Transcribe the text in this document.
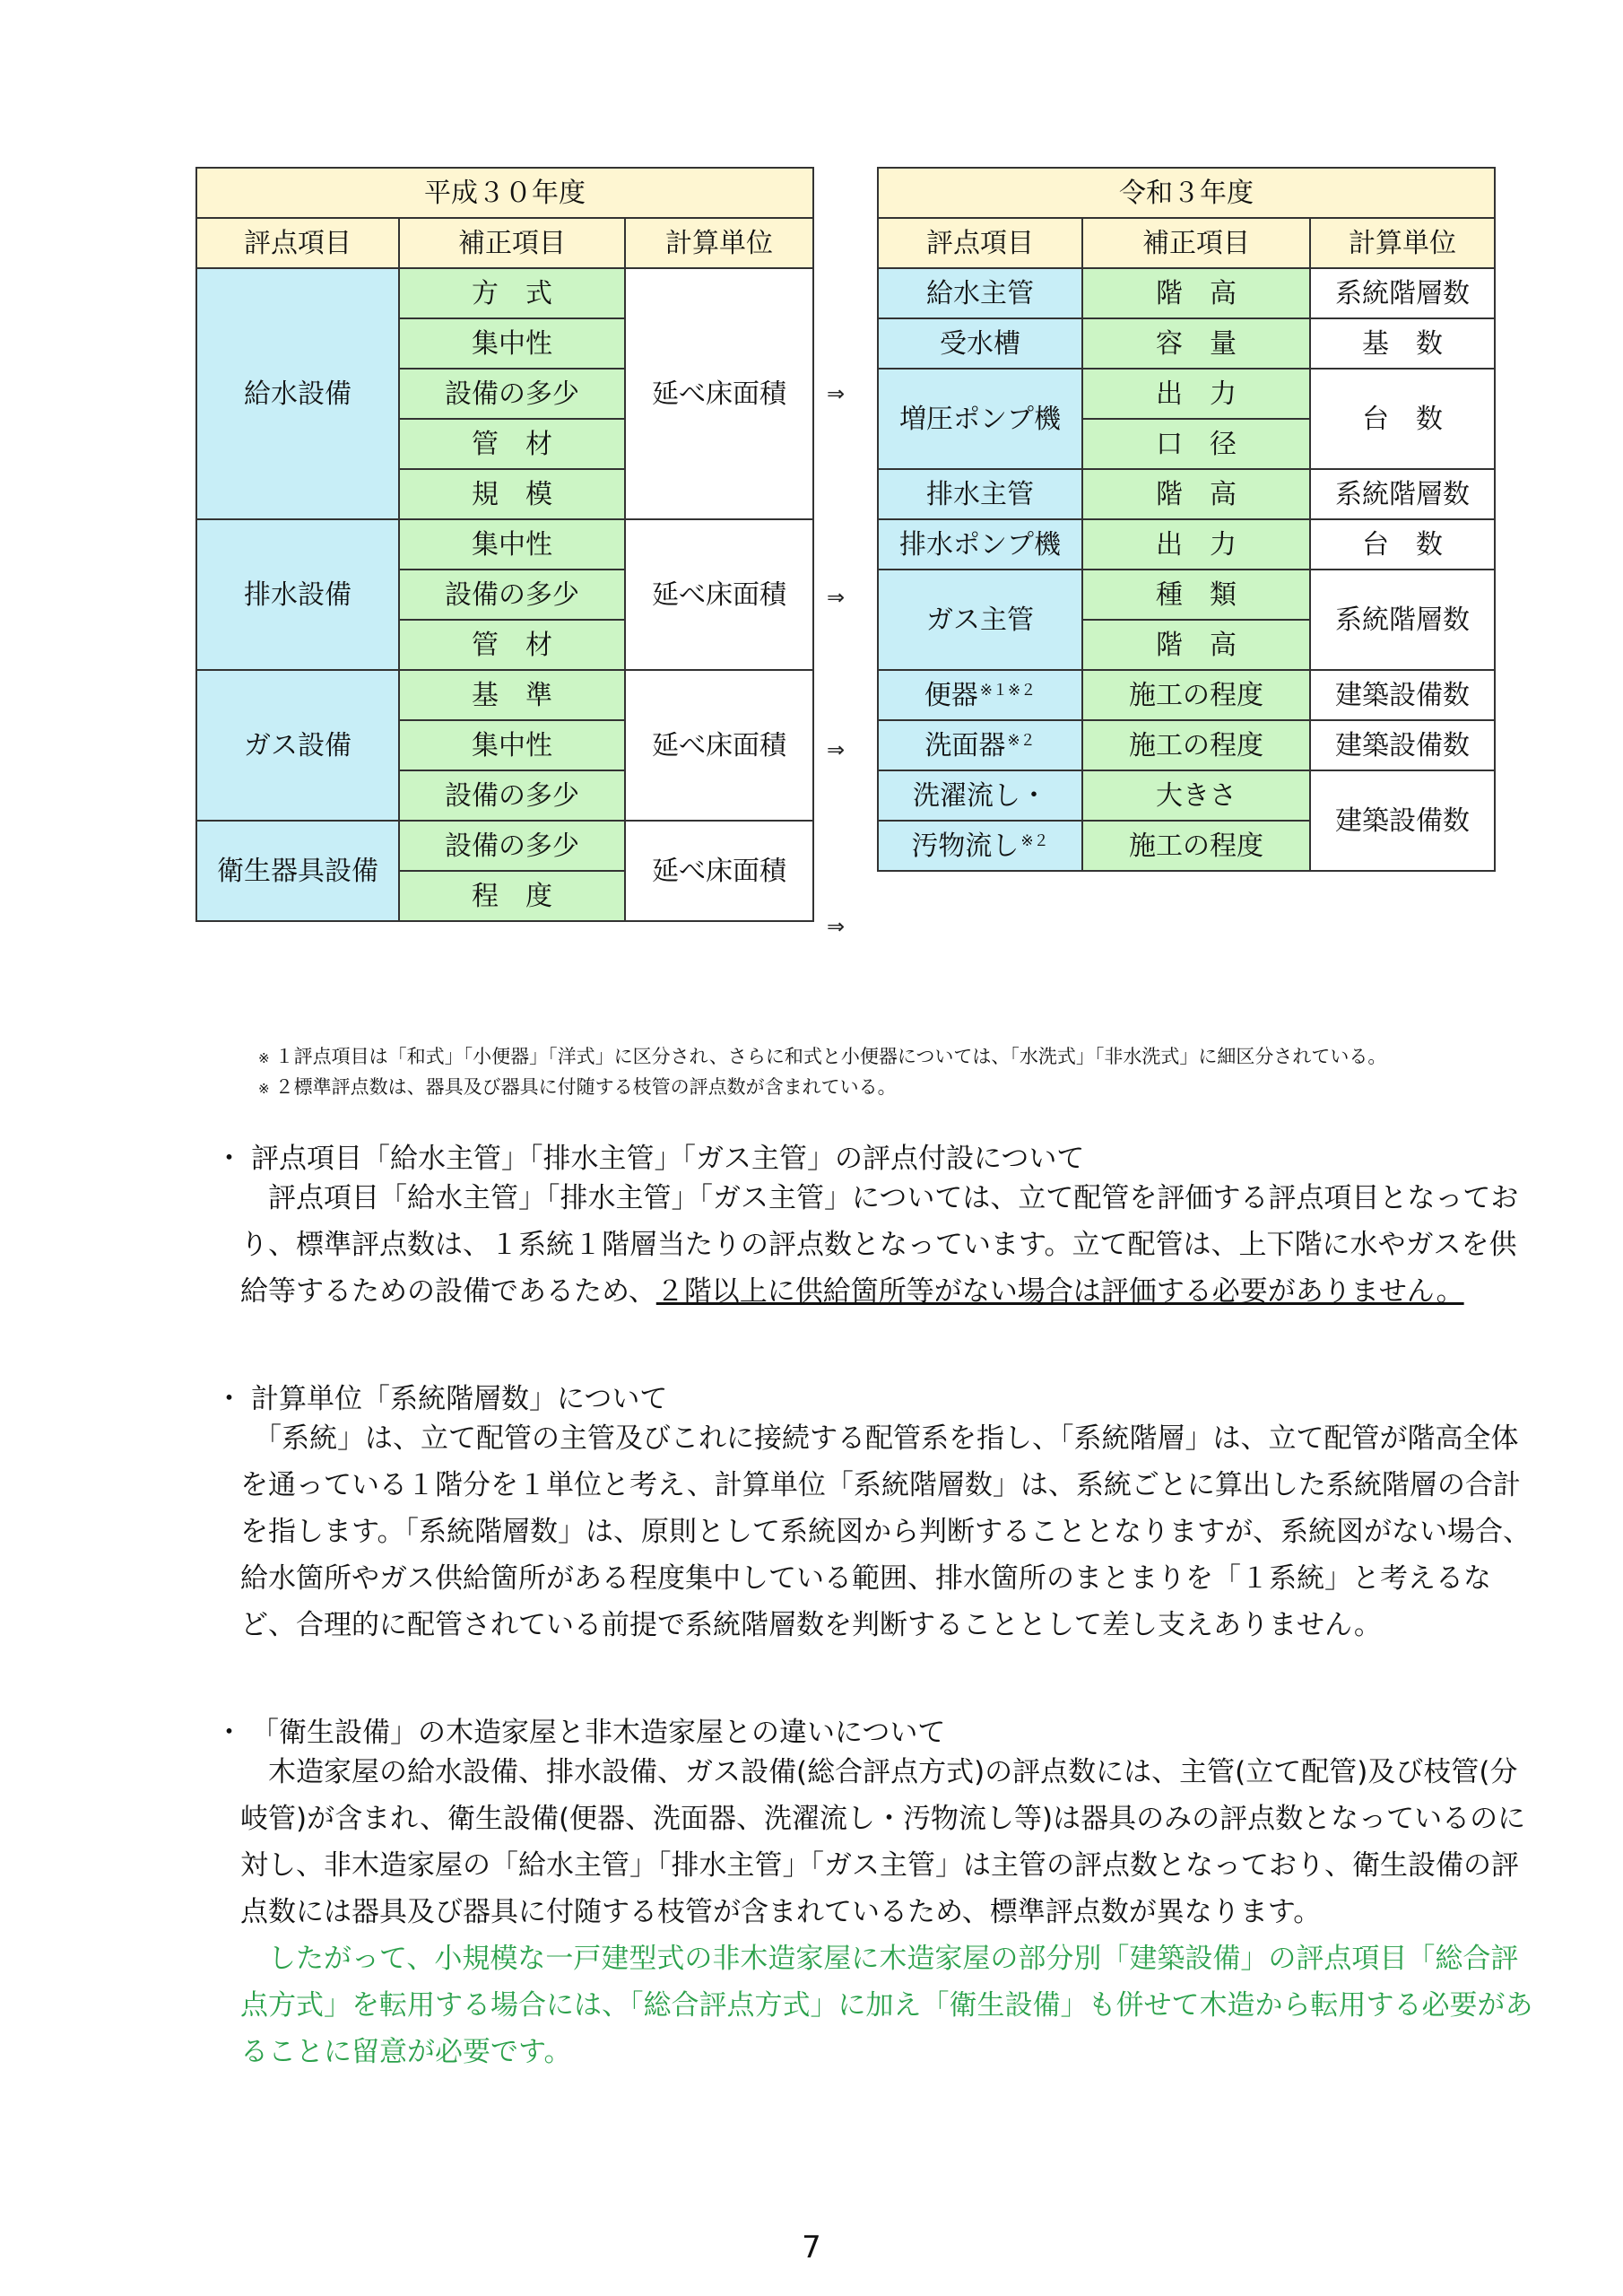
平成３０年度		
評点項目	補正項目	計算単位
給水設備	方　式	延べ床面積
	集中性	
	設備の多少	
	管　材	
	規　模	
排水設備	集中性	延べ床面積
	設備の多少	
	管　材	
ガス設備	基　準	延べ床面積
	集中性	
	設備の多少	
衛生器具設備	設備の多少	延べ床面積

	程　度	

⇒
⇒
⇒
⇒
令和３年度		
評点項目	補正項目	計算単位
給水主管	階　高	系統階層数

受水槽	容　量	基　数
増圧ポンプ機	出　力	台　数
	口　径	
排水主管	階　高	系統階層数

排水ポンプ機	出　力	台　数
ガス主管	種　類	系統階層数

	階　高	
便器 $^{※1※2}$	施工の程度	建築設備数
洗面器 $^{※2}$	施工の程度	建築設備数
洗濯流し・	大きさ	建築設備数
汚物流し $^{※2}$	施工の程度	
※ １評点項目は「和式」「小便器」「洋式」に区分され、さらに和式と小便器については、「水洗式」「非水洗式」に細区分されている。
※ ２標準評点数は、器具及び器具に付随する枝管の評点数が含まれている。
・ 評点項目「給水主管」「排水主管」「ガス主管」の評点付設について

評点項目「給水主管」「排水主管」「ガス主管」については、立て配管を評価する評点項目となっており、標準評点数は、１系統１階層当たりの評点数となっています。立て配管は、上下階に水やガスを供給等するための設備であるため、２階以上に供給箇所等がない場合は評価する必要がありません。

・ 計算単位「系統階層数」について

「系統」は、立て配管の主管及びこれに接続する配管系を指し、「系統階層」は、立て配管が階高全体を通っている１階分を１単位と考え、計算単位「系統階層数」は、系統ごとに算出した系統階層の合計を指します。「系統階層数」は、原則として系統図から判断することとなりますが、系統図がない場合、給水箇所やガス供給箇所がある程度集中している範囲、排水箇所のまとまりを「１系統」と考えるなど、合理的に配管されている前提で系統階層数を判断することとして差し支えありません。

・ 「衛生設備」の木造家屋と非木造家屋との違いについて

木造家屋の給水設備、排水設備、ガス設備(総合評点方式)の評点数には、主管(立て配管)及び枝管(分岐管)が含まれ、衛生設備(便器、洗面器、洗濯流し・汚物流し等)は器具のみの評点数となっているのに対し、非木造家屋の「給水主管」「排水主管」「ガス主管」は主管の評点数となっており、衛生設備の評点数には器具及び器具に付随する枝管が含まれているため、標準評点数が異なります。

したがって、小規模な一戸建型式の非木造家屋に木造家屋の部分別「建築設備」の評点項目「総合評点方式」を転用する場合には、「総合評点方式」に加え「衛生設備」も併せて木造から転用する必要があることに留意が必要です。

7
